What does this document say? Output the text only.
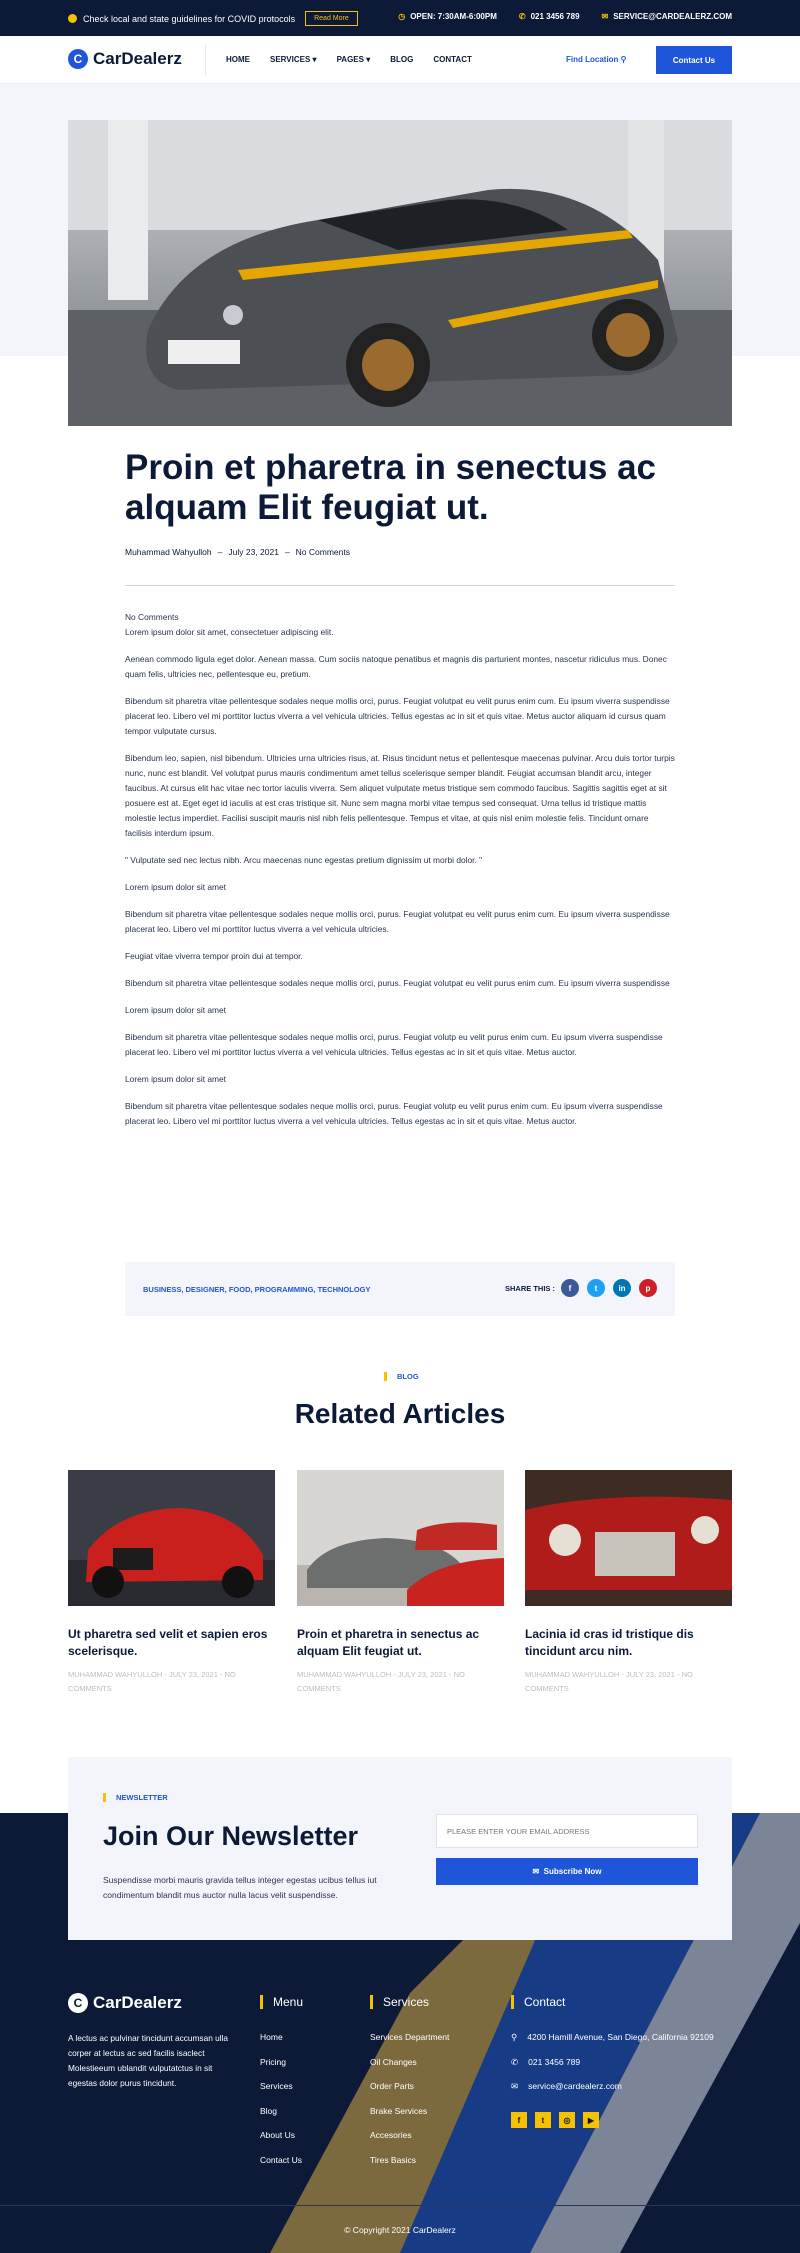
Check local and state guidelines for COVID protocols	Read More	◷ OPEN: 7:30AM-6:00PM	✆ 021 3456 789	✉ SERVICE@CARDEALERZ.COM
C CarDealerz	HOME	SERVICES ▾	PAGES ▾	BLOG	CONTACT	Find Location ⚲	Contact Us
Proin et pharetra in senectus ac alquam Elit feugiat ut.
Muhammad Wahyulloh – July 23, 2021 – No Comments

No Comments
Lorem ipsum dolor sit amet, consectetuer adipiscing elit.

Aenean commodo ligula eget dolor. Aenean massa. Cum sociis natoque penatibus et magnis dis parturient montes, nascetur ridiculus mus. Donec quam felis, ultricies nec, pellentesque eu, pretium.

Bibendum sit pharetra vitae pellentesque sodales neque mollis orci, purus. Feugiat volutpat eu velit purus enim cum. Eu ipsum viverra suspendisse placerat leo. Libero vel mi porttitor luctus viverra a vel vehicula ultricies. Tellus egestas ac in sit et quis vitae. Metus auctor aliquam id cursus quam tempor vulputate cursus.

Bibendum leo, sapien, nisl bibendum. Ultricies urna ultricies risus, at. Risus tincidunt netus et pellentesque maecenas pulvinar. Arcu duis tortor turpis nunc, nunc est blandit. Vel volutpat purus mauris condimentum amet tellus scelerisque semper blandit. Feugiat accumsan blandit arcu, integer faucibus. At cursus elit hac vitae nec tortor iaculis viverra. Sem aliquet vulputate metus tristique sem commodo faucibus. Sagittis sagittis eget at sit posuere est at. Eget eget id iaculis at est cras tristique sit. Nunc sem magna morbi vitae tempus sed consequat. Urna tellus id tristique mattis molestie lectus imperdiet. Facilisi suscipit mauris nisl nibh felis pellentesque. Tempus et vitae, at quis nisl enim molestie felis. Tincidunt ornare facilisis interdum ipsum.

" Vulputate sed nec lectus nibh. Arcu maecenas nunc egestas pretium dignissim ut morbi dolor. "

Lorem ipsum dolor sit amet

Bibendum sit pharetra vitae pellentesque sodales neque mollis orci, purus. Feugiat volutpat eu velit purus enim cum. Eu ipsum viverra suspendisse placerat leo. Libero vel mi porttitor luctus viverra a vel vehicula ultricies.

Feugiat vitae viverra tempor proin dui at tempor.

Bibendum sit pharetra vitae pellentesque sodales neque mollis orci, purus. Feugiat volutpat eu velit purus enim cum. Eu ipsum viverra suspendisse

Lorem ipsum dolor sit amet

Bibendum sit pharetra vitae pellentesque sodales neque mollis orci, purus. Feugiat volutp eu velit purus enim cum. Eu ipsum viverra suspendisse placerat leo. Libero vel mi porttitor luctus viverra a vel vehicula ultricies. Tellus egestas ac in sit et quis vitae. Metus auctor.

Lorem ipsum dolor sit amet

Bibendum sit pharetra vitae pellentesque sodales neque mollis orci, purus. Feugiat volutp eu velit purus enim cum. Eu ipsum viverra suspendisse placerat leo. Libero vel mi porttitor luctus viverra a vel vehicula ultricies. Tellus egestas ac in sit et quis vitae. Metus auctor.

BUSINESS, DESIGNER, FOOD, PROGRAMMING, TECHNOLOGY	SHARE THIS :	f	t	in	p
BLOG
Related Articles
Ut pharetra sed velit et sapien eros scelerisque.
MUHAMMAD WAHYULLOH - JULY 23, 2021 - NO COMMENTS
Proin et pharetra in senectus ac alquam Elit feugiat ut.
MUHAMMAD WAHYULLOH - JULY 23, 2021 - NO COMMENTS
Lacinia id cras id tristique dis tincidunt arcu nim.
MUHAMMAD WAHYULLOH - JULY 23, 2021 - NO COMMENTS
NEWSLETTER
Join Our Newsletter
Suspendisse morbi mauris gravida tellus integer egestas ucibus tellus iut condimentum blandit mus auctor nulla lacus velit suspendisse.
PLEASE ENTER YOUR EMAIL ADDRESS
✉ Subscribe Now
C CarDealerz
A lectus ac pulvinar tincidunt accumsan ulla corper at lectus ac sed facilis isaclect Molestieeum ublandit vulputatctus in sit egestas dolor purus tincidunt.
Menu
Home
Pricing
Services
Blog
About Us
Contact Us
Services
Services Department
Oil Changes
Order Parts
Brake Services
Accesories
Tires Basics
Contact
⚲ 4200 Hamill Avenue, San Diego, California 92109
✆ 021 3456 789
✉ service@cardealerz.com
f	t	◎	▶
© Copyright 2021 CarDealerz
